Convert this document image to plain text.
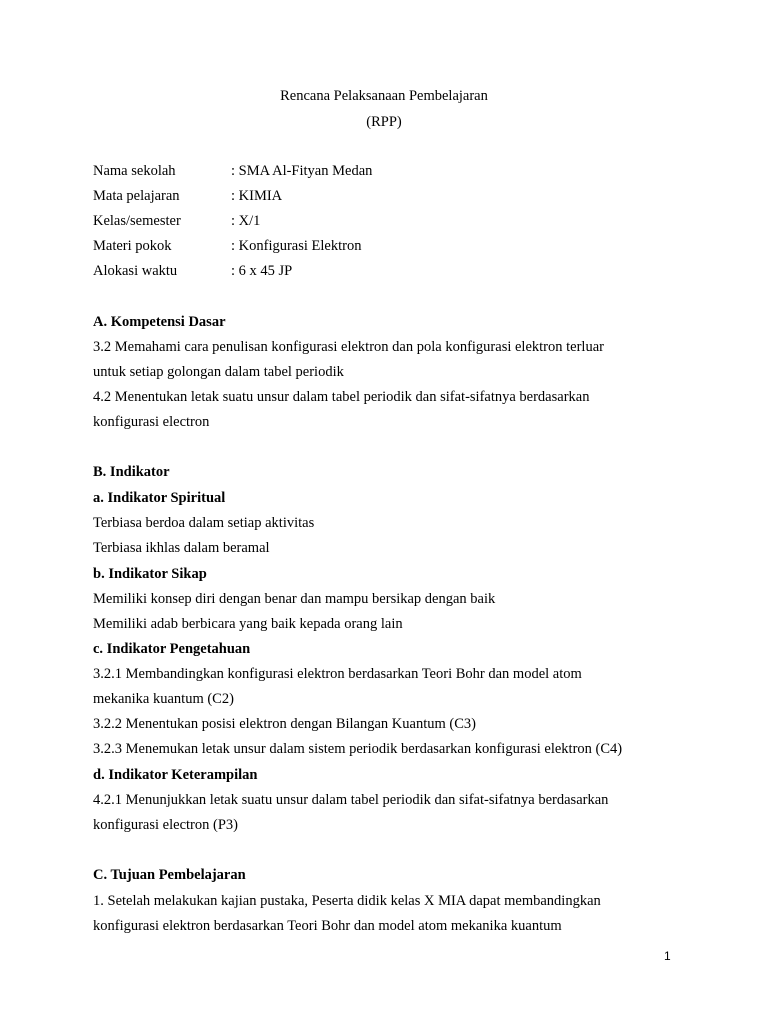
Rencana Pelaksanaan Pembelajaran
(RPP)
Nama sekolah	: SMA Al-Fityan Medan
Mata pelajaran	: KIMIA
Kelas/semester	: X/1
Materi pokok	: Konfigurasi Elektron
Alokasi waktu	: 6 x 45 JP
A. Kompetensi Dasar
3.2 Memahami cara penulisan konfigurasi elektron dan pola konfigurasi elektron terluar
untuk setiap golongan dalam tabel periodik
4.2 Menentukan letak suatu unsur dalam tabel periodik dan sifat-sifatnya berdasarkan
konfigurasi electron
B. Indikator
a. Indikator Spiritual
Terbiasa berdoa dalam setiap aktivitas
Terbiasa ikhlas dalam beramal
b. Indikator Sikap
Memiliki konsep diri dengan benar dan mampu bersikap dengan baik
Memiliki adab berbicara yang baik kepada orang lain
c. Indikator Pengetahuan
3.2.1 Membandingkan konfigurasi elektron berdasarkan Teori Bohr dan model atom
mekanika kuantum (C2)
3.2.2 Menentukan posisi elektron dengan Bilangan Kuantum (C3)
3.2.3 Menemukan letak unsur dalam sistem periodik berdasarkan konfigurasi elektron (C4)
d. Indikator Keterampilan
4.2.1 Menunjukkan letak suatu unsur dalam tabel periodik dan sifat-sifatnya berdasarkan
konfigurasi electron (P3)
C. Tujuan Pembelajaran
1. Setelah melakukan kajian pustaka, Peserta didik kelas X MIA dapat membandingkan
konfigurasi elektron berdasarkan Teori Bohr dan model atom mekanika kuantum
1
